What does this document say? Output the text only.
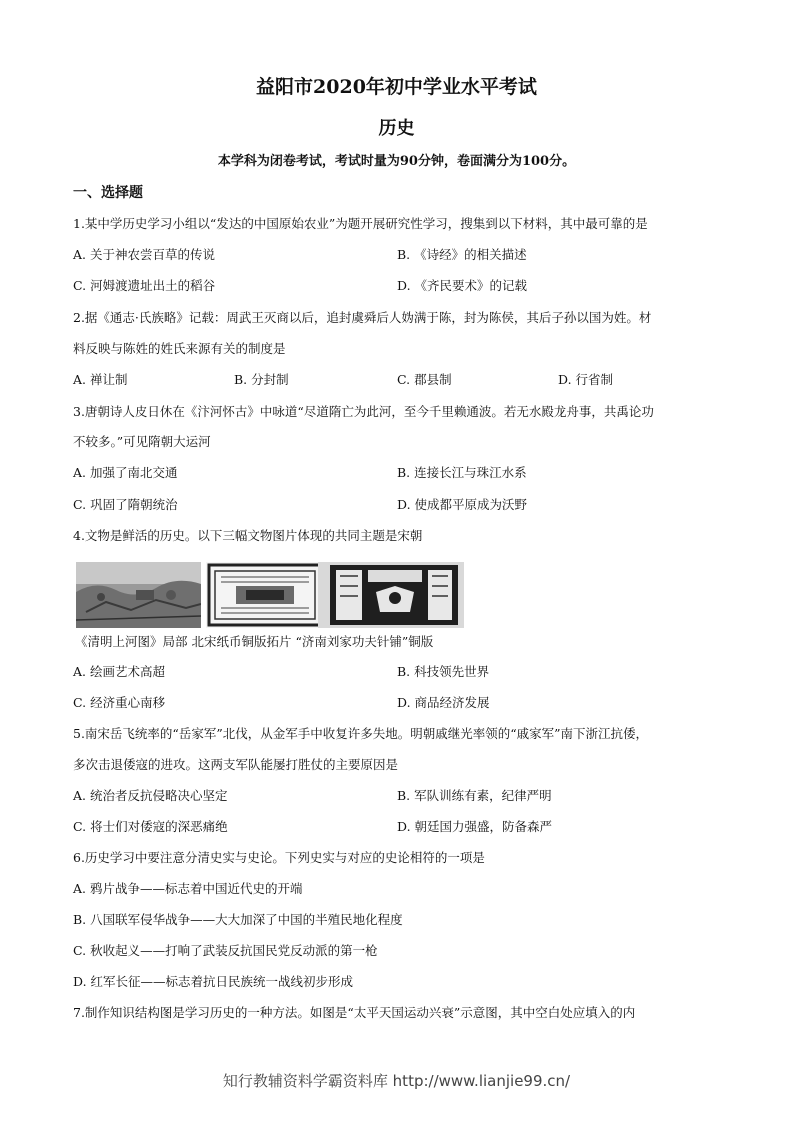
益阳市2020年初中学业水平考试
历史
本学科为闭卷考试，考试时量为90分钟，卷面满分为100分。
一、选择题
1.某中学历史学习小组以“发达的中国原始农业”为题开展研究性学习，搜集到以下材料，其中最可靠的是
A. 关于神农尝百草的传说	B. 《诗经》的相关描述
C. 河姆渡遗址出土的稻谷	D. 《齐民要术》的记载
2.据《通志·氏族略》记载：周武王灭商以后，追封虞舜后人妫满于陈，封为陈侯，其后子孙以国为姓。材
料反映与陈姓的姓氏来源有关的制度是
A. 禅让制	B. 分封制	C. 郡县制	D. 行省制
3.唐朝诗人皮日休在《汴河怀古》中咏道“尽道隋亡为此河，至今千里赖通波。若无水殿龙舟事，共禹论功
不较多。”可见隋朝大运河
A. 加强了南北交通	B. 连接长江与珠江水系
C. 巩固了隋朝统治	D. 使成都平原成为沃野
4.文物是鲜活的历史。以下三幅文物图片体现的共同主题是宋朝
《清明上河图》局部 北宋纸币铜版拓片 “济南刘家功夫针铺”铜版
A. 绘画艺术高超	B. 科技领先世界
C. 经济重心南移	D. 商品经济发展
5.南宋岳飞统率的“岳家军”北伐，从金军手中收复许多失地。明朝戚继光率领的“戚家军”南下浙江抗倭，
多次击退倭寇的进攻。这两支军队能屡打胜仗的主要原因是
A. 统治者反抗侵略决心坚定	B. 军队训练有素，纪律严明
C. 将士们对倭寇的深恶痛绝	D. 朝廷国力强盛，防备森严
6.历史学习中要注意分清史实与史论。下列史实与对应的史论相符的一项是
A. 鸦片战争——标志着中国近代史的开端
B. 八国联军侵华战争——大大加深了中国的半殖民地化程度
C. 秋收起义——打响了武装反抗国民党反动派的第一枪
D. 红军长征——标志着抗日民族统一战线初步形成
7.制作知识结构图是学习历史的一种方法。如图是“太平天国运动兴衰”示意图，其中空白处应填入的内
知行教辅资料学霸资料库 http://www.lianjie99.cn/
